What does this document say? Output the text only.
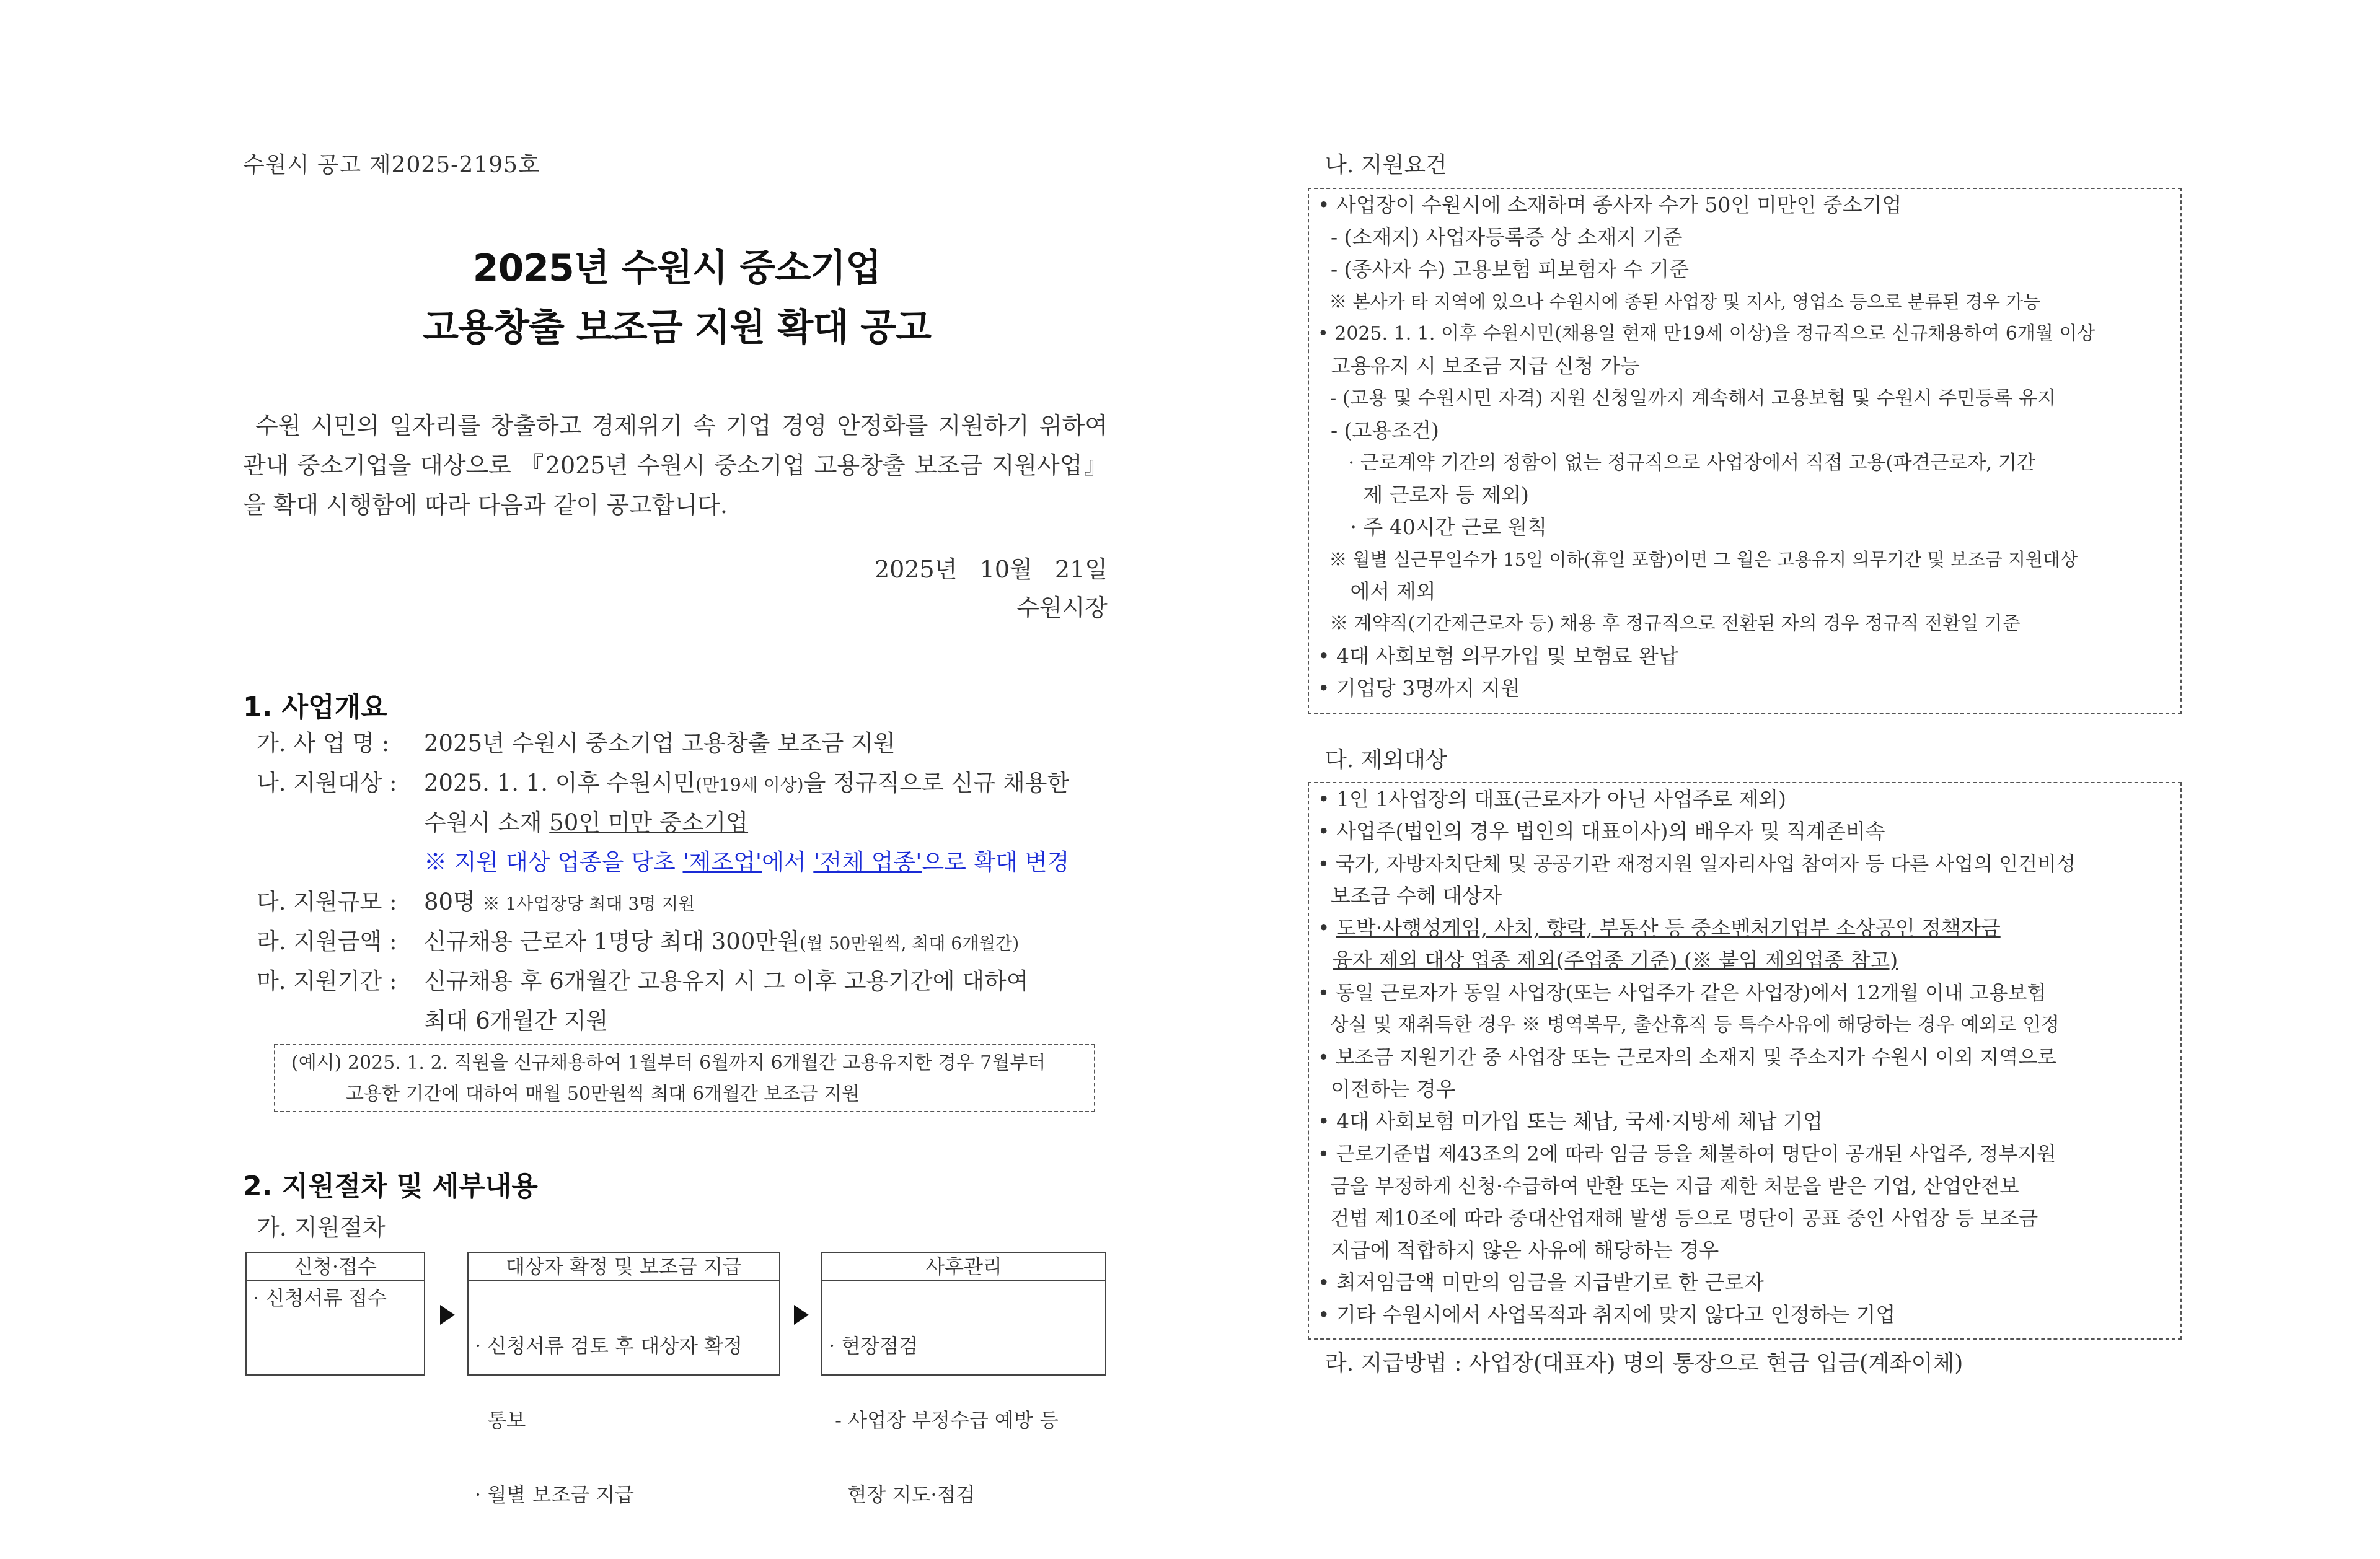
수원시 공고 제2025-2195호
2025년 수원시 중소기업
고용창출 보조금 지원 확대 공고
수원 시민의 일자리를 창출하고 경제위기 속 기업 경영 안정화를 지원하기 위하여 관내 중소기업을 대상으로 『2025년 수원시 중소기업 고용창출 보조금 지원사업』을 확대 시행함에 따라 다음과 같이 공고합니다.
2025년   10월   21일
수원시장
1. 사업개요
가. 사 업 명 : 2025년 수원시 중소기업 고용창출 보조금 지원
나. 지원대상 : 2025. 1. 1. 이후 수원시민(만19세 이상)을 정규직으로 신규 채용한
수원시 소재 50인 미만 중소기업
※ 지원 대상 업종을 당초 '제조업'에서 '전체 업종'으로 확대 변경
다. 지원규모 : 80명 ※ 1사업장당 최대 3명 지원
라. 지원금액 : 신규채용 근로자 1명당 최대 300만원(월 50만원씩, 최대 6개월간)
마. 지원기간 : 신규채용 후 6개월간 고용유지 시 그 이후 고용기간에 대하여
최대 6개월간 지원
(예시) 2025. 1. 2. 직원을 신규채용하여 1월부터 6월까지 6개월간 고용유지한 경우 7월부터
고용한 기간에 대하여 매월 50만원씩 최대 6개월간 보조금 지원
2. 지원절차 및 세부내용
가. 지원절차
신청·접수
· 신청서류 접수
대상자 확정 및 보조금 지급

· 신청서류 검토 후 대상자 확정

통보

· 월별 보조금 지급

사후관리

· 현장점검

- 사업장 부정수급 예방 등

현장 지도·점검

나. 지원요건
• 사업장이 수원시에 소재하며 종사자 수가 50인 미만인 중소기업
- (소재지) 사업자등록증 상 소재지 기준
- (종사자 수) 고용보험 피보험자 수 기준
※ 본사가 타 지역에 있으나 수원시에 종된 사업장 및 지사, 영업소 등으로 분류된 경우 가능
• 2025. 1. 1. 이후 수원시민(채용일 현재 만19세 이상)을 정규직으로 신규채용하여 6개월 이상
고용유지 시 보조금 지급 신청 가능
- (고용 및 수원시민 자격) 지원 신청일까지 계속해서 고용보험 및 수원시 주민등록 유지
- (고용조건)
· 근로계약 기간의 정함이 없는 정규직으로 사업장에서 직접 고용(파견근로자, 기간
제 근로자 등 제외)
· 주 40시간 근로 원칙
※ 월별 실근무일수가 15일 이하(휴일 포함)이면 그 월은 고용유지 의무기간 및 보조금 지원대상
에서 제외
※ 계약직(기간제근로자 등) 채용 후 정규직으로 전환된 자의 경우 정규직 전환일 기준
• 4대 사회보험 의무가입 및 보험료 완납
• 기업당 3명까지 지원
다. 제외대상
• 1인 1사업장의 대표(근로자가 아닌 사업주로 제외)
• 사업주(법인의 경우 법인의 대표이사)의 배우자 및 직계존비속
• 국가, 자방자치단체 및 공공기관 재정지원 일자리사업 참여자 등 다른 사업의 인건비성
보조금 수혜 대상자
• 도박·사행성게임, 사치, 향락, 부동산 등 중소벤처기업부 소상공인 정책자금
융자 제외 대상 업종 제외(주업종 기준) (※ 붙임 제외업종 참고)
• 동일 근로자가 동일 사업장(또는 사업주가 같은 사업장)에서 12개월 이내 고용보험
상실 및 재취득한 경우 ※ 병역복무, 출산휴직 등 특수사유에 해당하는 경우 예외로 인정
• 보조금 지원기간 중 사업장 또는 근로자의 소재지 및 주소지가 수원시 이외 지역으로
이전하는 경우
• 4대 사회보험 미가입 또는 체납, 국세·지방세 체납 기업
• 근로기준법 제43조의 2에 따라 임금 등을 체불하여 명단이 공개된 사업주, 정부지원
금을 부정하게 신청·수급하여 반환 또는 지급 제한 처분을 받은 기업, 산업안전보
건법 제10조에 따라 중대산업재해 발생 등으로 명단이 공표 중인 사업장 등 보조금
지급에 적합하지 않은 사유에 해당하는 경우
• 최저임금액 미만의 임금을 지급받기로 한 근로자
• 기타 수원시에서 사업목적과 취지에 맞지 않다고 인정하는 기업
라. 지급방법 : 사업장(대표자) 명의 통장으로 현금 입금(계좌이체)
